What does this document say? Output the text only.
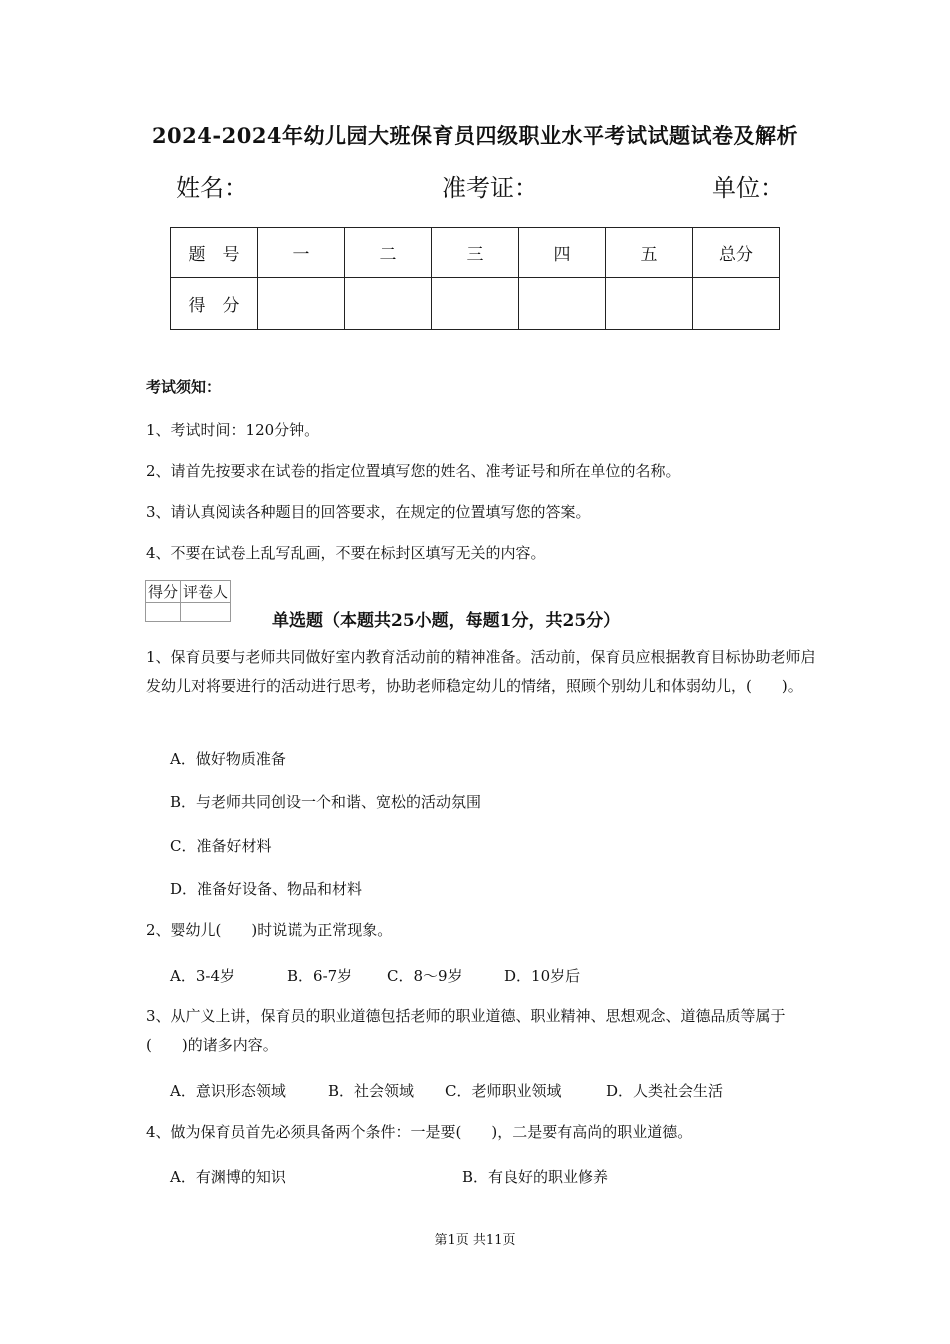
2024-2024年幼儿园大班保育员四级职业水平考试试题试卷及解析
姓名：	准考证：	单位：
题　号	一	二	三	四	五	总分
得　分						
考试须知：
1、考试时间：120分钟。
2、请首先按要求在试卷的指定位置填写您的姓名、准考证号和所在单位的名称。
3、请认真阅读各种题目的回答要求，在规定的位置填写您的答案。
4、不要在试卷上乱写乱画，不要在标封区填写无关的内容。
得分	评卷人

单选题（本题共25小题，每题1分，共25分）
1、保育员要与老师共同做好室内教育活动前的精神准备。活动前，保育员应根据教育目标协助老师启发幼儿对将要进行的活动进行思考，协助老师稳定幼儿的情绪，照顾个别幼儿和体弱幼儿，(　　)。
A．做好物质准备
B．与老师共同创设一个和谐、宽松的活动氛围
C．准备好材料
D．准备好设备、物品和材料
2、婴幼儿(　　)时说谎为正常现象。
A．3-4岁	B．6-7岁 C．8～9岁	D．10岁后
3、从广义上讲，保育员的职业道德包括老师的职业道德、职业精神、思想观念、道德品质等属于(　　)的诸多内容。
A．意识形态领域	B．社会领域 C．老师职业领域	D．人类社会生活
4、做为保育员首先必须具备两个条件：一是要(　　)，二是要有高尚的职业道德。
A．有渊博的知识	B．有良好的职业修养
第1页 共11页
